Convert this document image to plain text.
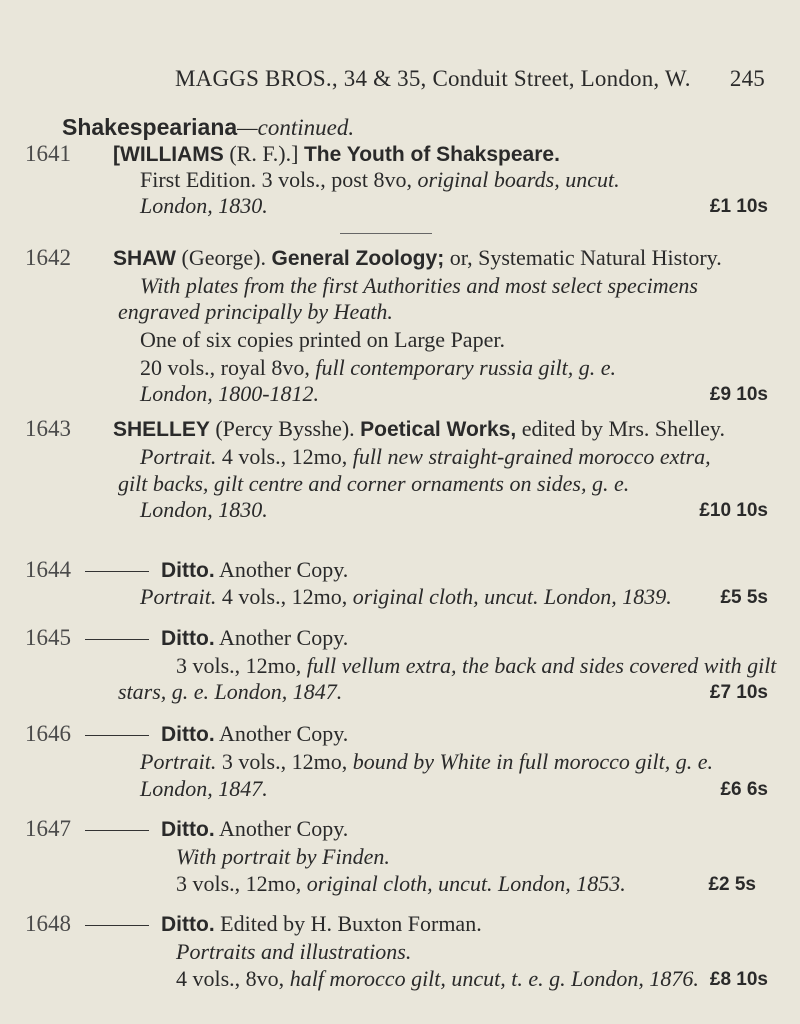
MAGGS BROS., 34 & 35, Conduit Street, London, W. 245
Shakespeariana—continued.
1641 [WILLIAMS (R. F.).] The Youth of Shakspeare.
First Edition. 3 vols., post 8vo, original boards, uncut.
London, 1830.	£1 10s
1642 SHAW (George). General Zoology; or, Systematic Natural History.
With plates from the first Authorities and most select specimens
engraved principally by Heath.
One of six copies printed on Large Paper.
20 vols., royal 8vo, full contemporary russia gilt, g. e.
London, 1800-1812.	£9 10s
1643 SHELLEY (Percy Bysshe). Poetical Works, edited by Mrs. Shelley.
Portrait. 4 vols., 12mo, full new straight-grained morocco extra,
gilt backs, gilt centre and corner ornaments on sides, g. e.
London, 1830.	£10 10s
1644	Ditto. Another Copy.
Portrait. 4 vols., 12mo, original cloth, uncut. London, 1839.	£5 5s
1645	Ditto. Another Copy.
3 vols., 12mo, full vellum extra, the back and sides covered with gilt
stars, g. e. London, 1847.	£7 10s
1646	Ditto. Another Copy.
Portrait. 3 vols., 12mo, bound by White in full morocco gilt, g. e.
London, 1847.	£6 6s
1647	Ditto. Another Copy.
With portrait by Finden.
3 vols., 12mo, original cloth, uncut. London, 1853.	£2 5s
1648	Ditto. Edited by H. Buxton Forman.
Portraits and illustrations.
4 vols., 8vo, half morocco gilt, uncut, t. e. g. London, 1876. £8 10s
